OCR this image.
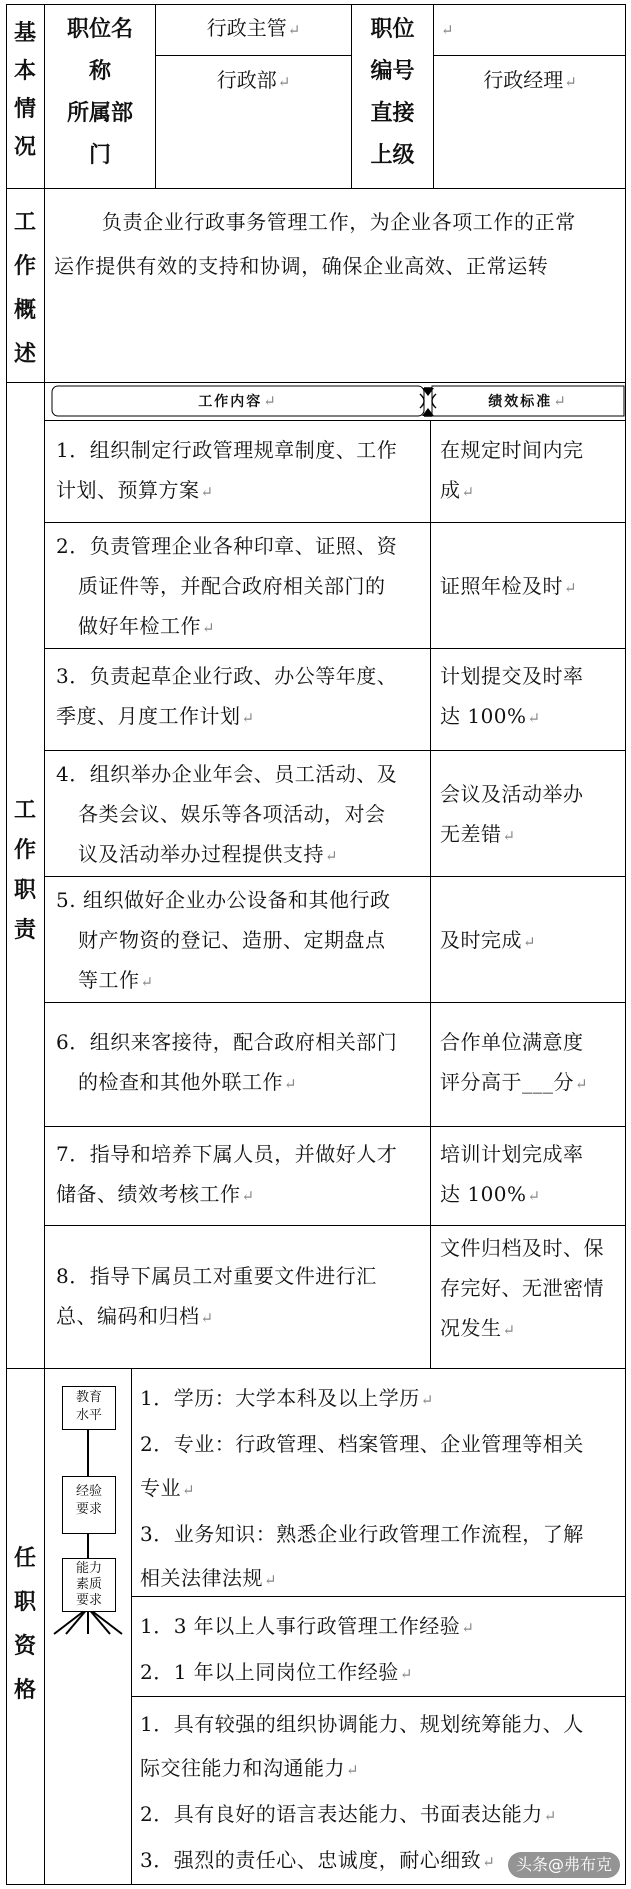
基
本
情
况
职位名
称
所属部
门
行政主管↵
行政部↵
职位
编号
直接
上级
↵
行政经理↵
工
作
概
述
负责企业行政事务管理工作，为企业各项工作的正常
运作提供有效的支持和协调，确保企业高效、正常运转
工
作
职
责
工作内容↵	绩效标准↵
1．组织制定行政管理规章制度、工作
计划、预算方案↵
在规定时间内完
成↵
2．负责管理企业各种印章、证照、资
质证件等，并配合政府相关部门的
做好年检工作↵
证照年检及时↵
3．负责起草企业行政、办公等年度、
季度、月度工作计划↵
计划提交及时率
达 100%↵
4．组织举办企业年会、员工活动、及
各类会议、娱乐等各项活动，对会
议及活动举办过程提供支持↵
会议及活动举办
无差错↵
5. 组织做好企业办公设备和其他行政
财产物资的登记、造册、定期盘点
等工作↵
及时完成↵
6．组织来客接待，配合政府相关部门
的检查和其他外联工作↵
合作单位满意度
评分高于___分↵
7．指导和培养下属人员，并做好人才
储备、绩效考核工作↵
培训计划完成率
达 100%↵
8．指导下属员工对重要文件进行汇
总、编码和归档↵
文件归档及时、保
存完好、无泄密情
况发生↵
任
职
资
格
教育
水平
经验
要求
能力
素质
要求
1．学历：大学本科及以上学历↵
2．专业：行政管理、档案管理、企业管理等相关
专业↵
3．业务知识：熟悉企业行政管理工作流程，了解
相关法律法规↵
1．3 年以上人事行政管理工作经验↵
2．1 年以上同岗位工作经验↵
1．具有较强的组织协调能力、规划统筹能力、人
际交往能力和沟通能力↵
2．具有良好的语言表达能力、书面表达能力↵
3．强烈的责任心、忠诚度，耐心细致↵	头条@弗布克
